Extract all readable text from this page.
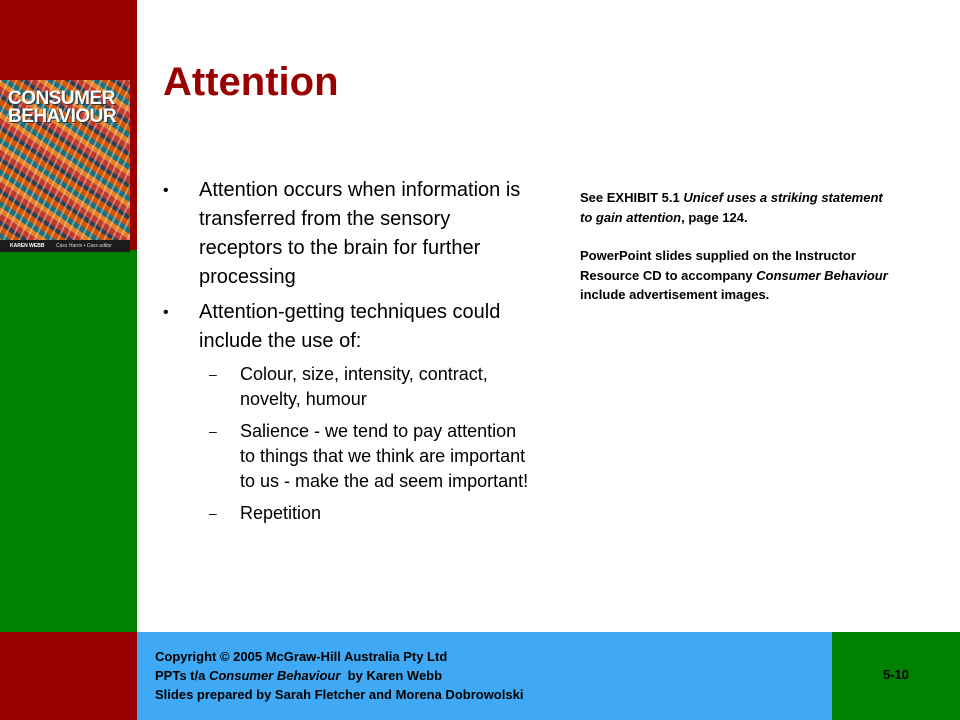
CONSUMER
BEHAVIOUR
KAREN WEBB Cass Harris • Cass editor
Attention
• Attention occurs when information is transferred from the sensory receptors to the brain for further processing
• Attention-getting techniques could include the use of:
– Colour, size, intensity, contract, novelty, humour
– Salience - we tend to pay attention to things that we think are important to us - make the ad seem important!
– Repetition

See EXHIBIT 5.1 Unicef uses a striking statement to gain attention, page 124.

PowerPoint slides supplied on the Instructor Resource CD to accompany Consumer Behaviour include advertisement images.

Copyright © 2005 McGraw-Hill Australia Pty Ltd
PPTs t/a Consumer Behaviour  by Karen Webb
Slides prepared by Sarah Fletcher and Morena Dobrowolski
5-10
